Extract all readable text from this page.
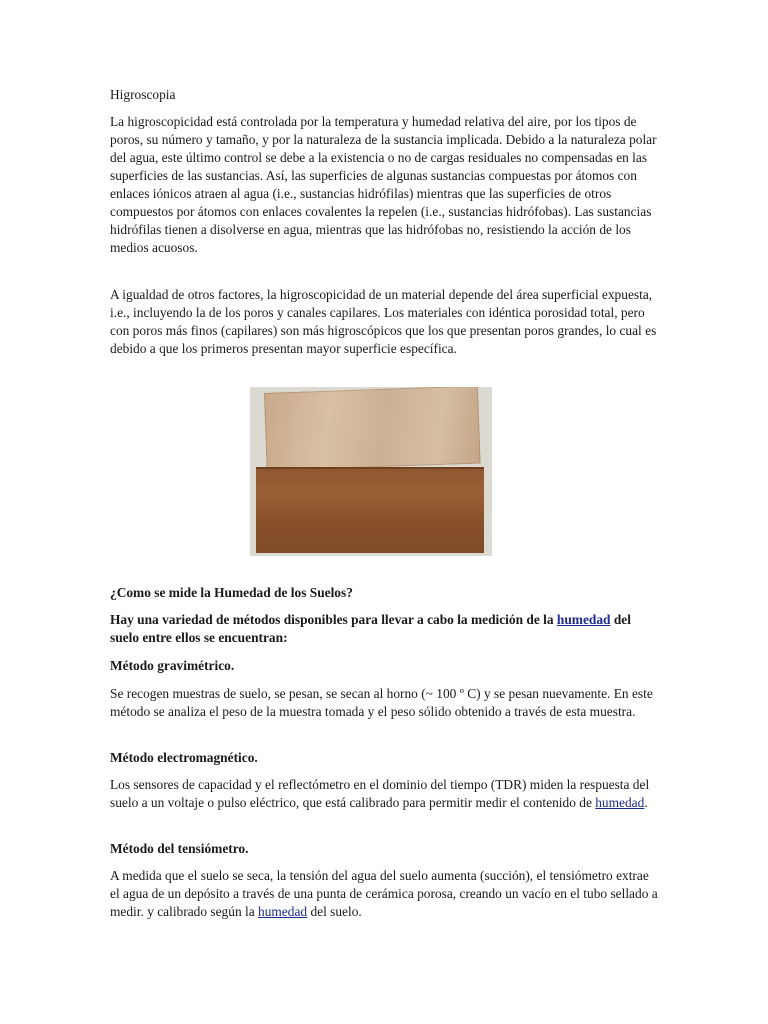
Higroscopia

La higroscopicidad está controlada por la temperatura y humedad relativa del aire, por los tipos de poros, su número y tamaño, y por la naturaleza de la sustancia implicada. Debido a la naturaleza polar del agua, este último control se debe a la existencia o no de cargas residuales no compensadas en las superficies de las sustancias. Así, las superficies de algunas sustancias compuestas por átomos con enlaces iónicos atraen al agua (i.e., sustancias hidrófilas) mientras que las superficies de otros compuestos por átomos con enlaces covalentes la repelen (i.e., sustancias hidrófobas). Las sustancias hidrófilas tienen a disolverse en agua, mientras que las hidrófobas no, resistiendo la acción de los medios acuosos.

A igualdad de otros factores, la higroscopicidad de un material depende del área superficial expuesta, i.e., incluyendo la de los poros y canales capilares. Los materiales con idéntica porosidad total, pero con poros más finos (capilares) son más higroscópicos que los que presentan poros grandes, lo cual es debido a que los primeros presentan mayor superficie específica.

¿Como se mide la Humedad de los Suelos?

Hay una variedad de métodos disponibles para llevar a cabo la medición de la humedad del suelo entre ellos se encuentran:

Método gravimétrico.

Se recogen muestras de suelo, se pesan, se secan al horno (~ 100 º C) y se pesan nuevamente. En este método se analiza el peso de la muestra tomada y el peso sólido obtenido a través de esta muestra.

Método electromagnético.

Los sensores de capacidad y el reflectómetro en el dominio del tiempo (TDR) miden la respuesta del suelo a un voltaje o pulso eléctrico, que está calibrado para permitir medir el contenido de humedad.

Método del tensiómetro.

A medida que el suelo se seca, la tensión del agua del suelo aumenta (succión), el tensiómetro extrae el agua de un depósito a través de una punta de cerámica porosa, creando un vacío en el tubo sellado a medir. y calibrado según la humedad del suelo.
